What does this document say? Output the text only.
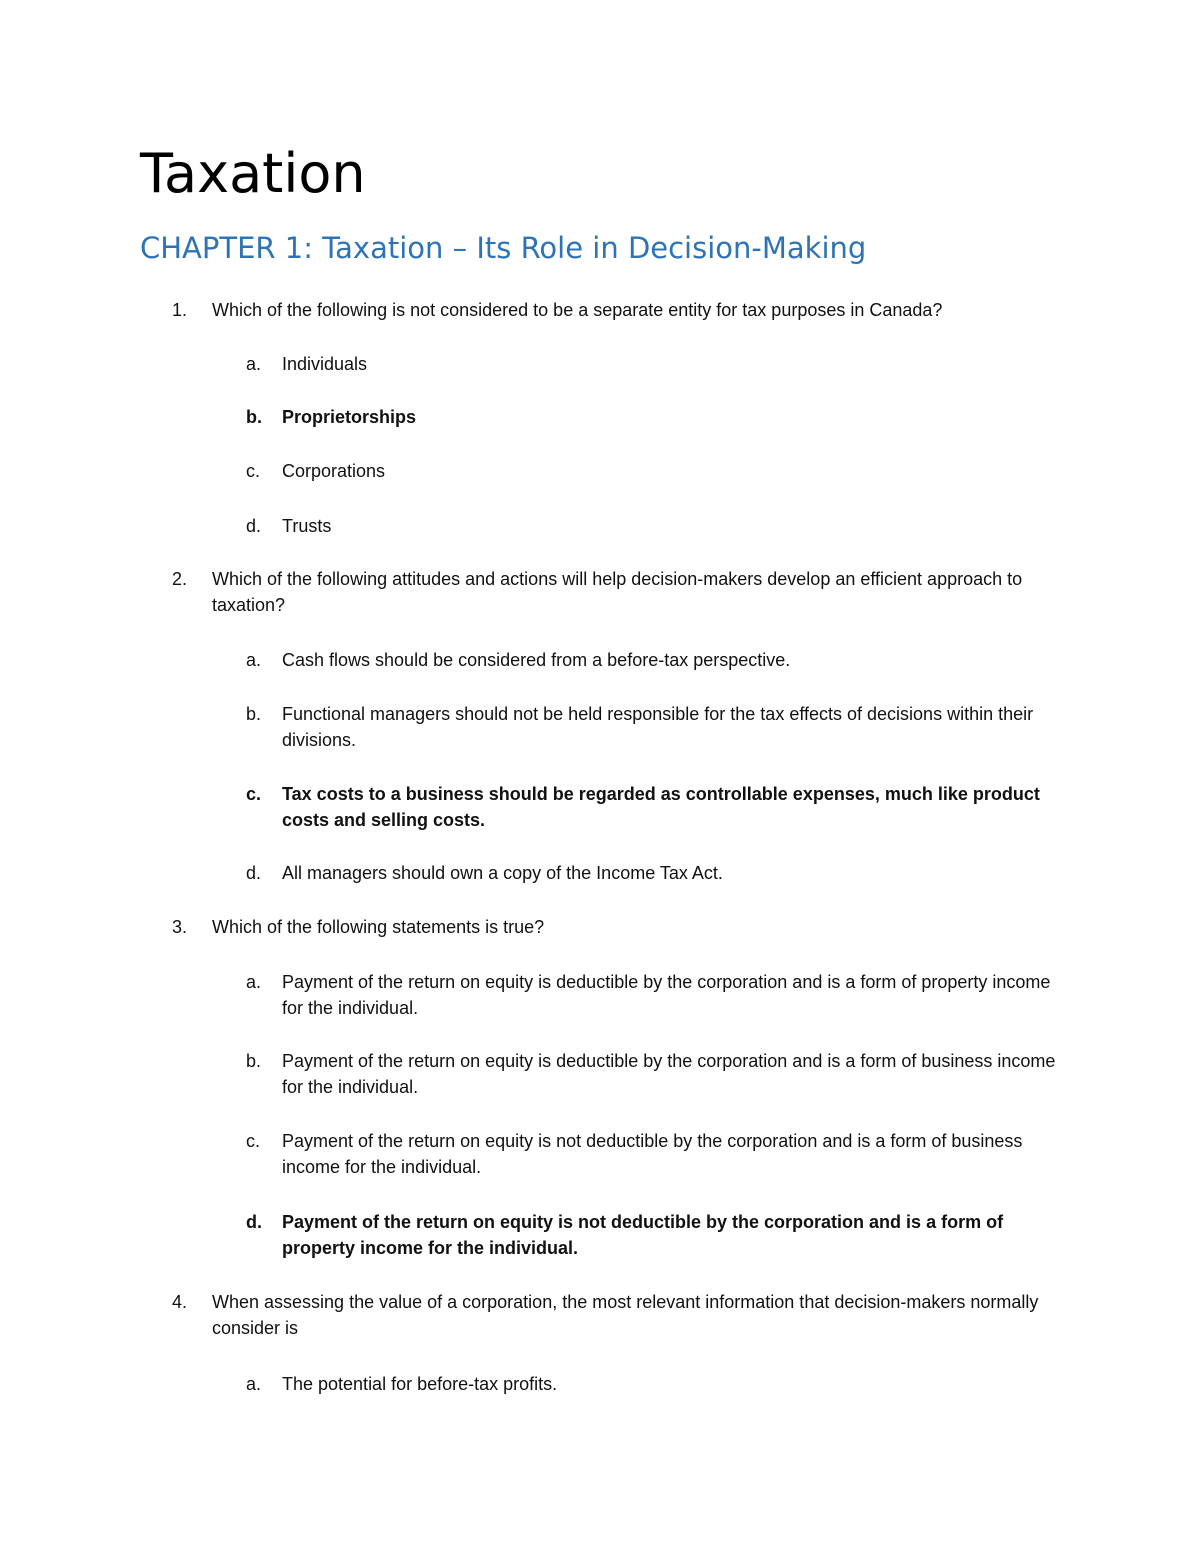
Taxation
CHAPTER 1: Taxation – Its Role in Decision-Making
1. Which of the following is not considered to be a separate entity for tax purposes in Canada?
a. Individuals
b. Proprietorships
c. Corporations
d. Trusts
2. Which of the following attitudes and actions will help decision-makers develop an efficient approach to taxation?
a. Cash flows should be considered from a before-tax perspective.
b. Functional managers should not be held responsible for the tax effects of decisions within their divisions.
c. Tax costs to a business should be regarded as controllable expenses, much like product costs and selling costs.
d. All managers should own a copy of the Income Tax Act.
3. Which of the following statements is true?
a. Payment of the return on equity is deductible by the corporation and is a form of property income for the individual.
b. Payment of the return on equity is deductible by the corporation and is a form of business income for the individual.
c. Payment of the return on equity is not deductible by the corporation and is a form of business income for the individual.
d. Payment of the return on equity is not deductible by the corporation and is a form of property income for the individual.
4. When assessing the value of a corporation, the most relevant information that decision-makers normally consider is
a. The potential for before-tax profits.
